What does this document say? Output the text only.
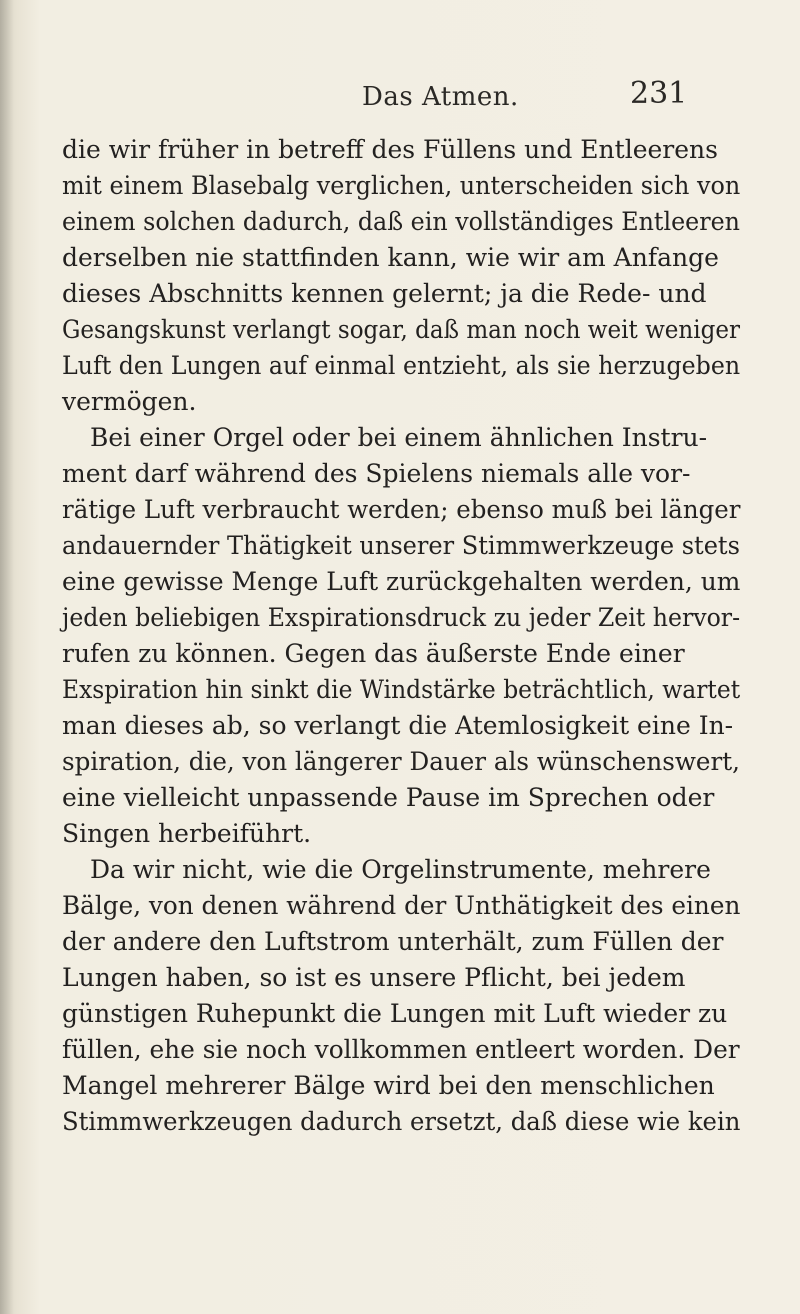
Das Atmen.	231
die wir früher in betreff des Füllens und Entleerens
mit einem Blasebalg verglichen, unterscheiden sich von
einem solchen dadurch, daß ein vollständiges Entleeren
derselben nie stattfinden kann, wie wir am Anfange
dieses Abschnitts kennen gelernt; ja die Rede- und
Gesangskunst verlangt sogar, daß man noch weit weniger
Luft den Lungen auf einmal entzieht, als sie herzugeben
vermögen.
Bei einer Orgel oder bei einem ähnlichen Instru-
ment darf während des Spielens niemals alle vor-
rätige Luft verbraucht werden; ebenso muß bei länger
andauernder Thätigkeit unserer Stimmwerkzeuge stets
eine gewisse Menge Luft zurückgehalten werden, um
jeden beliebigen Exspirationsdruck zu jeder Zeit hervor-
rufen zu können. Gegen das äußerste Ende einer
Exspiration hin sinkt die Windstärke beträchtlich, wartet
man dieses ab, so verlangt die Atemlosigkeit eine In-
spiration, die, von längerer Dauer als wünschenswert,
eine vielleicht unpassende Pause im Sprechen oder
Singen herbeiführt.
Da wir nicht, wie die Orgelinstrumente, mehrere
Bälge, von denen während der Unthätigkeit des einen
der andere den Luftstrom unterhält, zum Füllen der
Lungen haben, so ist es unsere Pflicht, bei jedem
günstigen Ruhepunkt die Lungen mit Luft wieder zu
füllen, ehe sie noch vollkommen entleert worden. Der
Mangel mehrerer Bälge wird bei den menschlichen
Stimmwerkzeugen dadurch ersetzt, daß diese wie kein
